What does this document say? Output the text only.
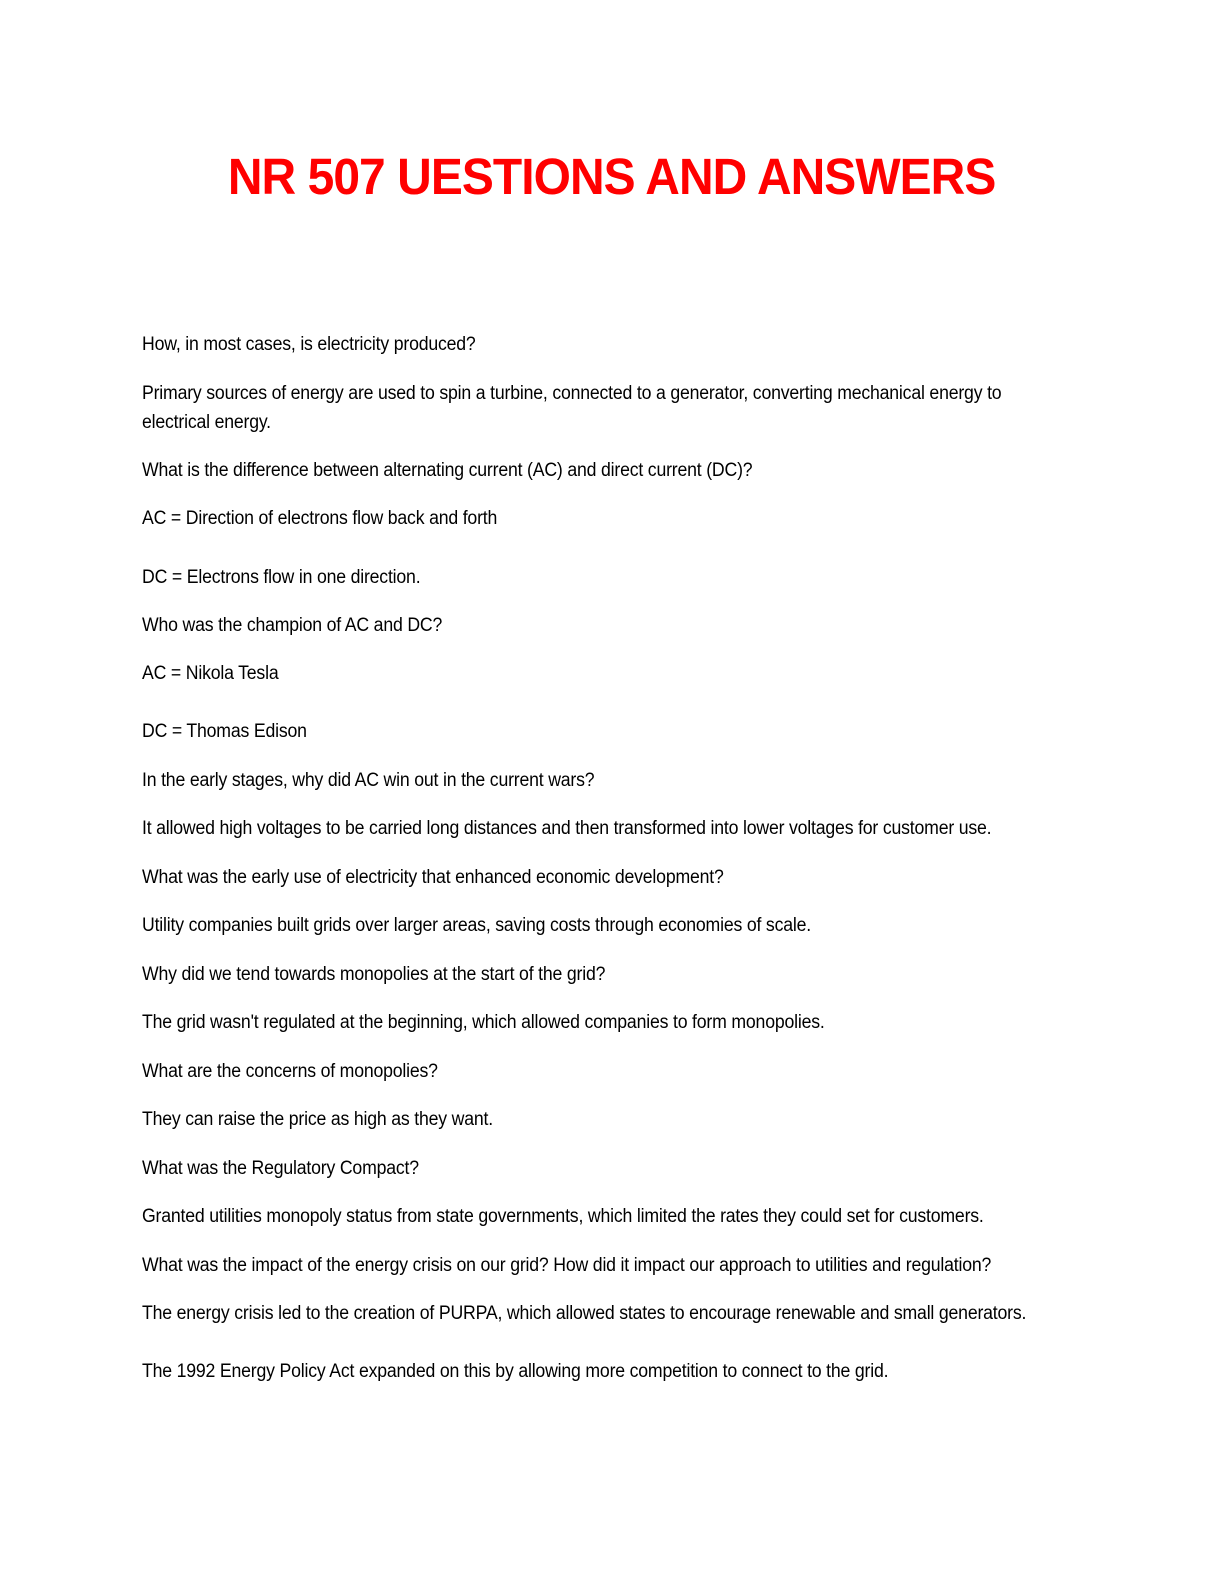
NR 507 UESTIONS AND ANSWERS
How, in most cases, is electricity produced?
Primary sources of energy are used to spin a turbine, connected to a generator, converting mechanical energy to
electrical energy.
What is the difference between alternating current (AC) and direct current (DC)?
AC = Direction of electrons flow back and forth
DC = Electrons flow in one direction.
Who was the champion of AC and DC?
AC = Nikola Tesla
DC = Thomas Edison
In the early stages, why did AC win out in the current wars?
It allowed high voltages to be carried long distances and then transformed into lower voltages for customer use.
What was the early use of electricity that enhanced economic development?
Utility companies built grids over larger areas, saving costs through economies of scale.
Why did we tend towards monopolies at the start of the grid?
The grid wasn't regulated at the beginning, which allowed companies to form monopolies.
What are the concerns of monopolies?
They can raise the price as high as they want.
What was the Regulatory Compact?
Granted utilities monopoly status from state governments, which limited the rates they could set for customers.
What was the impact of the energy crisis on our grid? How did it impact our approach to utilities and regulation?
The energy crisis led to the creation of PURPA, which allowed states to encourage renewable and small generators.
The 1992 Energy Policy Act expanded on this by allowing more competition to connect to the grid.
